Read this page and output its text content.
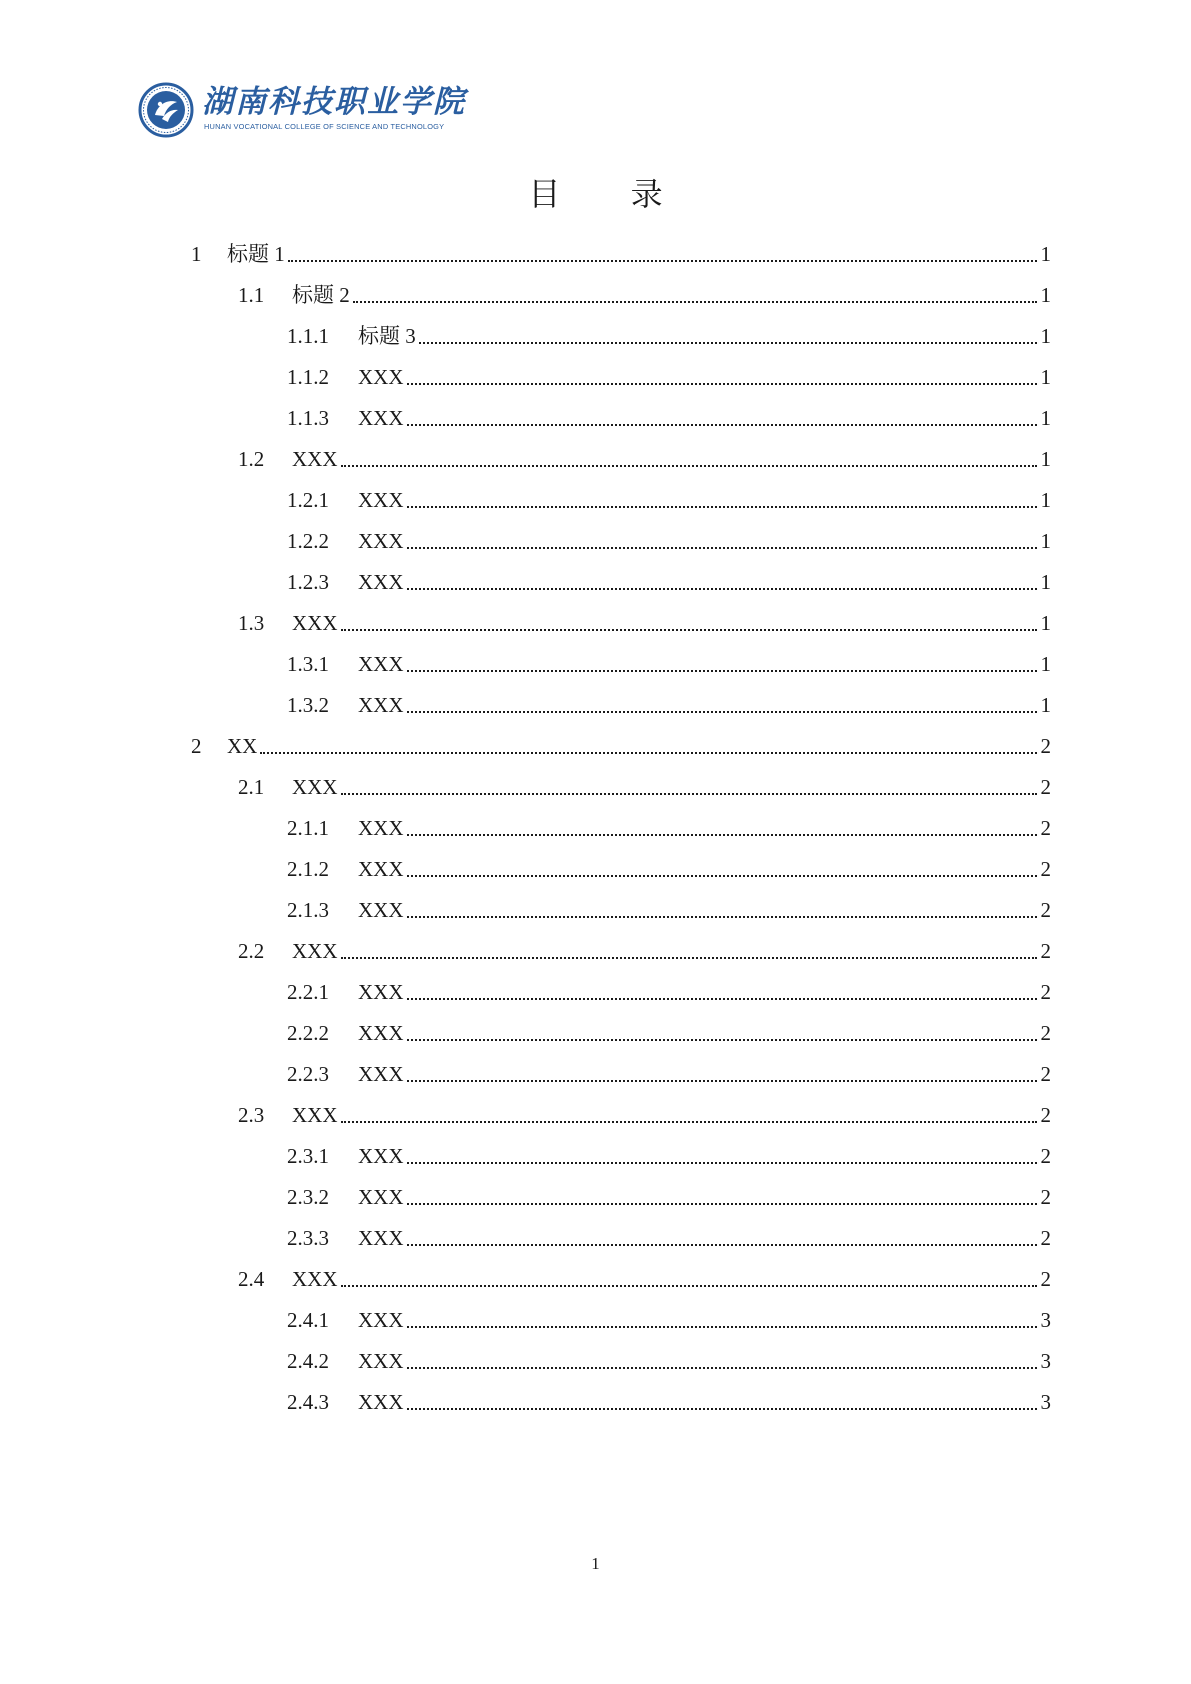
湖南科技职业学院
HUNAN VOCATIONAL COLLEGE OF SCIENCE AND TECHNOLOGY
目 录
1	标题 1	1
1.1	标题 2	1
1.1.1	标题 3	1
1.1.2	XXX	1
1.1.3	XXX	1
1.2	XXX	1
1.2.1	XXX	1
1.2.2	XXX	1
1.2.3	XXX	1
1.3	XXX	1
1.3.1	XXX	1
1.3.2	XXX	1
2	XX	2
2.1	XXX	2
2.1.1	XXX	2
2.1.2	XXX	2
2.1.3	XXX	2
2.2	XXX	2
2.2.1	XXX	2
2.2.2	XXX	2
2.2.3	XXX	2
2.3	XXX	2
2.3.1	XXX	2
2.3.2	XXX	2
2.3.3	XXX	2
2.4	XXX	2
2.4.1	XXX	3
2.4.2	XXX	3
2.4.3	XXX	3
1
